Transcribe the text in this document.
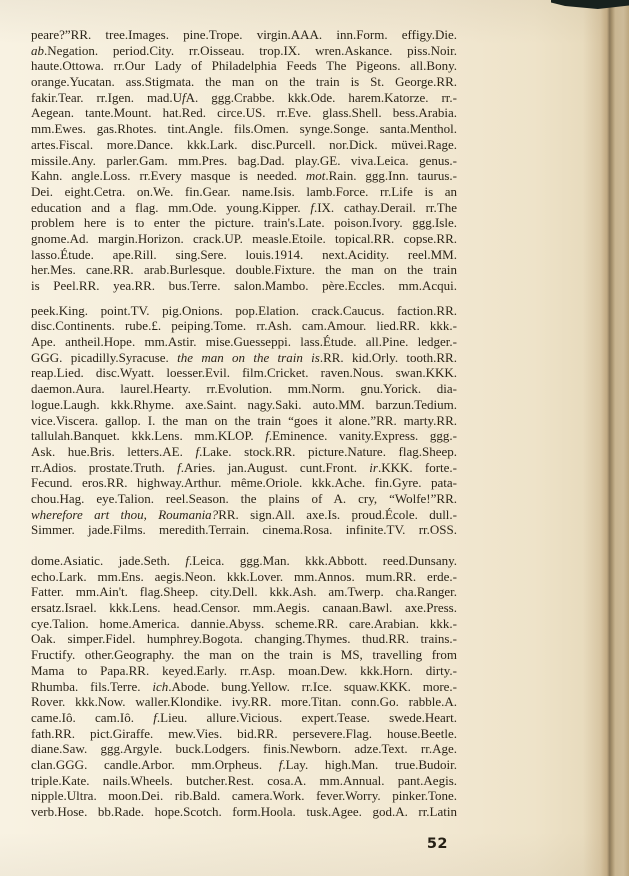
peare?”RR. tree.Images. pine.Trope. virgin.AAA. inn.Form. effigy.Die.
ab.Negation. period.City. rr.Oisseau. trop.IX. wren.Askance. piss.Noir.
haute.Ottowa. rr.Our Lady of Philadelphia Feeds The Pigeons. all.Bony.
orange.Yucatan. ass.Stigmata. the man on the train is St. George.RR.
fakir.Tear. rr.Igen. mad.UfA. ggg.Crabbe. kkk.Ode. harem.Katorze. rr.-
Aegean. tante.Mount. hat.Red. circe.US. rr.Eve. glass.Shell. bess.Arabia.
mm.Ewes. gas.Rhotes. tint.Angle. fils.Omen. synge.Songe. santa.Menthol.
artes.Fiscal. more.Dance. kkk.Lark. disc.Purcell. nor.Dick. müvei.Rage.
missile.Any. parler.Gam. mm.Pres. bag.Dad. play.GE. viva.Leica. genus.-
Kahn. angle.Loss. rr.Every masque is needed. mot.Rain. ggg.Inn. taurus.-
Dei. eight.Cetra. on.We. fin.Gear. name.Isis. lamb.Force. rr.Life is an
education and a flag. mm.Ode. young.Kipper. f.IX. cathay.Derail. rr.The
problem here is to enter the picture. train's.Late. poison.Ivory. ggg.Isle.
gnome.Ad. margin.Horizon. crack.UP. measle.Etoile. topical.RR. copse.RR.
lasso.Étude. ape.Rill. sing.Sere. louis.1914. next.Acidity. reel.MM.
her.Mes. cane.RR. arab.Burlesque. double.Fixture. the man on the train
is Peel.RR. yea.RR. bus.Terre. salon.Mambo. père.Eccles. mm.Acqui.
peek.King. point.TV. pig.Onions. pop.Elation. crack.Caucus. faction.RR.
disc.Continents. rube.£. peiping.Tome. rr.Ash. cam.Amour. lied.RR. kkk.-
Ape. antheil.Hope. mm.Astir. mise.Guesseppi. lass.Étude. all.Pine. ledger.-
GGG. picadilly.Syracuse. the man on the train is.RR. kid.Orly. tooth.RR.
reap.Lied. disc.Wyatt. loesser.Evil. film.Cricket. raven.Nous. swan.KKK.
daemon.Aura. laurel.Hearty. rr.Evolution. mm.Norm. gnu.Yorick. dia-
logue.Laugh. kkk.Rhyme. axe.Saint. nagy.Saki. auto.MM. barzun.Tedium.
vice.Viscera. gallop. I. the man on the train “goes it alone.”RR. marty.RR.
tallulah.Banquet. kkk.Lens. mm.KLOP. f.Eminence. vanity.Express. ggg.-
Ask. hue.Bris. letters.AE. f.Lake. stock.RR. picture.Nature. flag.Sheep.
rr.Adios. prostate.Truth. f.Aries. jan.August. cunt.Front. ir.KKK. forte.-
Fecund. eros.RR. highway.Arthur. même.Oriole. kkk.Ache. fin.Gyre. pata-
chou.Hag. eye.Talion. reel.Season. the plains of A. cry, “Wolfe!”RR.
wherefore art thou, Roumania?RR. sign.All. axe.Is. proud.École. dull.-
Simmer. jade.Films. meredith.Terrain. cinema.Rosa. infinite.TV. rr.OSS.
dome.Asiatic. jade.Seth. f.Leica. ggg.Man. kkk.Abbott. reed.Dunsany.
echo.Lark. mm.Ens. aegis.Neon. kkk.Lover. mm.Annos. mum.RR. erde.-
Fatter. mm.Ain't. flag.Sheep. city.Dell. kkk.Ash. am.Twerp. cha.Ranger.
ersatz.Israel. kkk.Lens. head.Censor. mm.Aegis. canaan.Bawl. axe.Press.
cye.Talion. home.America. dannie.Abyss. scheme.RR. care.Arabian. kkk.-
Oak. simper.Fidel. humphrey.Bogota. changing.Thymes. thud.RR. trains.-
Fructify. other.Geography. the man on the train is MS, travelling from
Mama to Papa.RR. keyed.Early. rr.Asp. moan.Dew. kkk.Horn. dirty.-
Rhumba. fils.Terre. ich.Abode. bung.Yellow. rr.Ice. squaw.KKK. more.-
Rover. kkk.Now. waller.Klondike. ivy.RR. more.Titan. conn.Go. rabble.A.
came.Iô. cam.Iô. f.Lieu. allure.Vicious. expert.Tease. swede.Heart.
fath.RR. pict.Giraffe. mew.Vies. bid.RR. persevere.Flag. house.Beetle.
diane.Saw. ggg.Argyle. buck.Lodgers. finis.Newborn. adze.Text. rr.Age.
clan.GGG. candle.Arbor. mm.Orpheus. f.Lay. high.Man. true.Budoir.
triple.Kate. nails.Wheels. butcher.Rest. cosa.A. mm.Annual. pant.Aegis.
nipple.Ultra. moon.Dei. rib.Bald. camera.Work. fever.Worry. pinker.Tone.
verb.Hose. bb.Rade. hope.Scotch. form.Hoola. tusk.Agee. god.A. rr.Latin
52
